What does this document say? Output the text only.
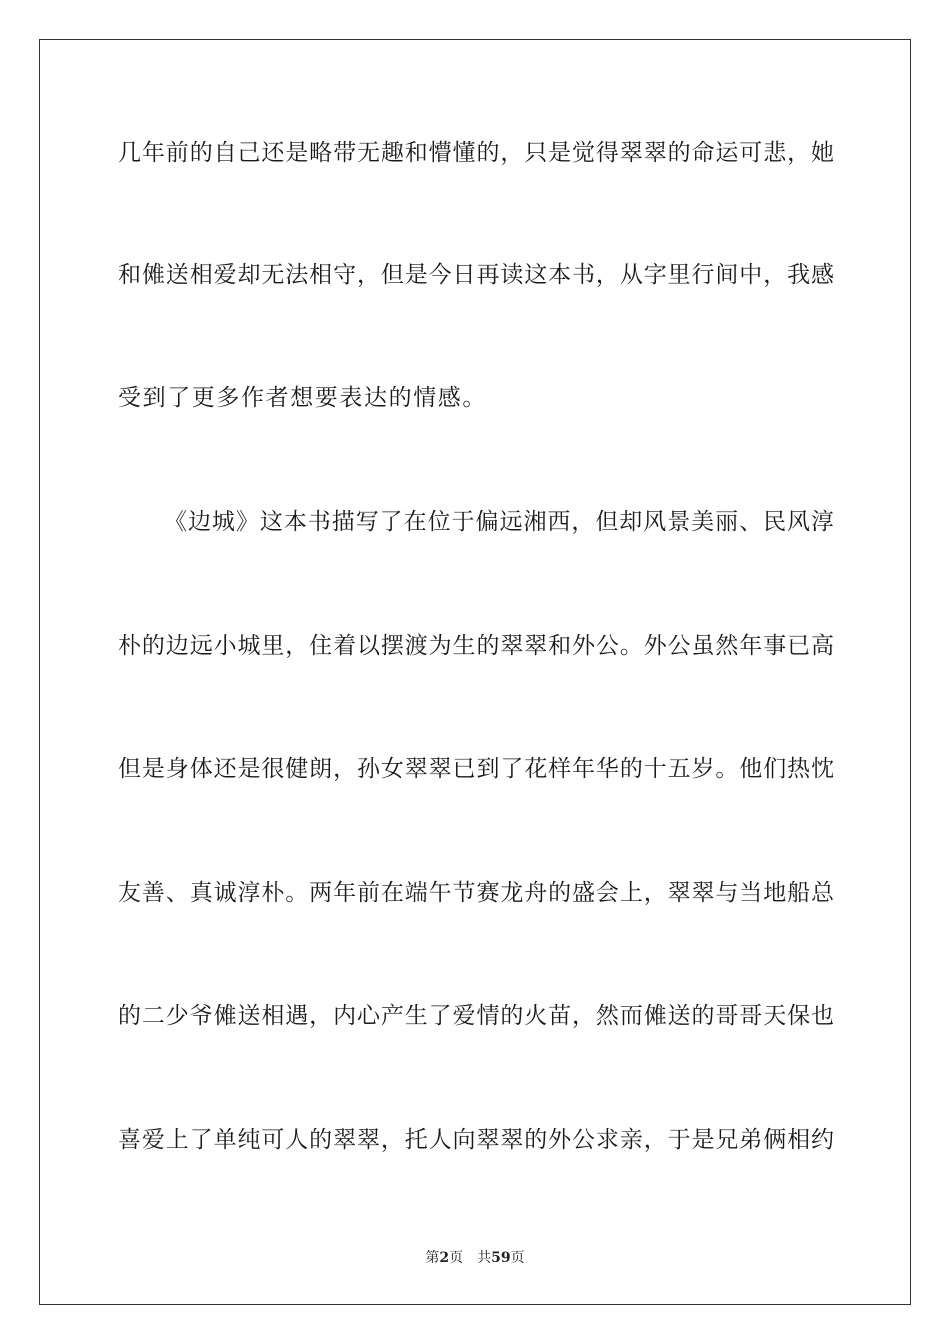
几年前的自己还是略带无趣和懵懂的，只是觉得翠翠的命运可悲，她
和傩送相爱却无法相守，但是今日再读这本书，从字里行间中，我感
受到了更多作者想要表达的情感。
《边城》这本书描写了在位于偏远湘西，但却风景美丽、民风淳
朴的边远小城里，住着以摆渡为生的翠翠和外公。外公虽然年事已高
但是身体还是很健朗，孙女翠翠已到了花样年华的十五岁。他们热忱
友善、真诚淳朴。两年前在端午节赛龙舟的盛会上，翠翠与当地船总
的二少爷傩送相遇，内心产生了爱情的火苗，然而傩送的哥哥天保也
喜爱上了单纯可人的翠翠，托人向翠翠的外公求亲，于是兄弟俩相约
第2页 共59页
